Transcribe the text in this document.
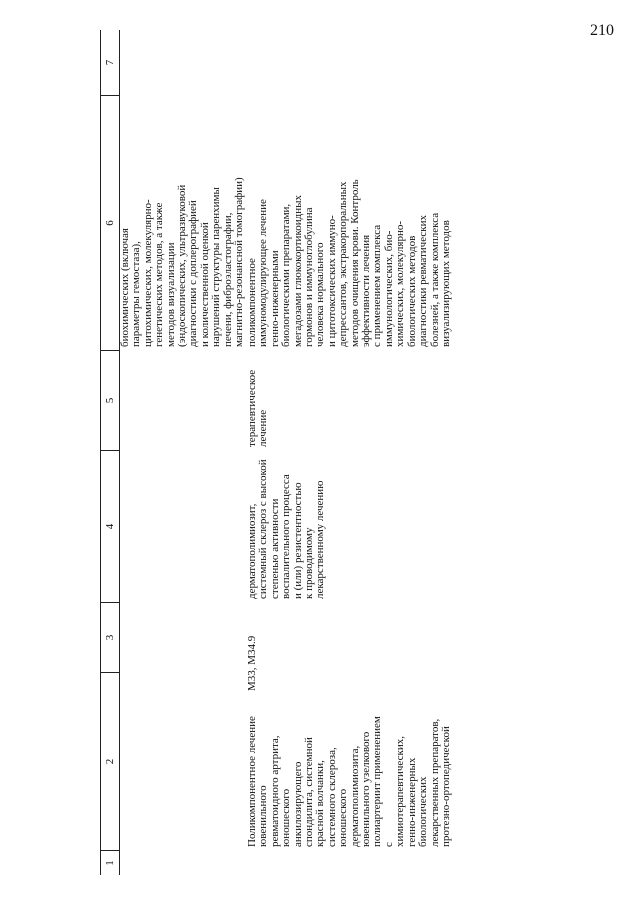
210
1
2
3
4
5
6
7
биохимических (включая параметры гемостаза), цитохимических, молекулярно- генетических методов, а также методов визуализации (эндоскопических, ультразвуковой диагностики с доплерографией и количественной оценкой нарушений структуры паренхимы печени, фиброэластографии, магнитно-резонансной томографии)
Поликомпонентное лечение ювенильного ревматоидного артрита, юношеского анкилозирующего спондилита, системной красной волчанки, системного склероза, юношеского дерматополимиозита, ювенильного узелкового полиартериит применением с химиотерапевтических, генно-инженерных биологических лекарственных препаратов, протезно-ортопедической
M33, M34.9
дерматополимиозит, системный склероз с высокой степенью активности воспалительного процесса и (или) резистентностью к проводимому лекарственному лечению
терапевтическое лечение
поликомпонентное иммуномодулирующее лечение генно-инженерными биологическими препаратами, мегадозами глюкокортикоидных гормонов и иммуноглобулина человека нормального и цитотоксических иммуно- депрессантов, экстракорпоральных методов очищения крови. Контроль эффективности лечения с применением комплекса иммунологических, био- химических, молекулярно- биологических методов диагностики ревматических болезней, а также комплекса визуализирующих методов
